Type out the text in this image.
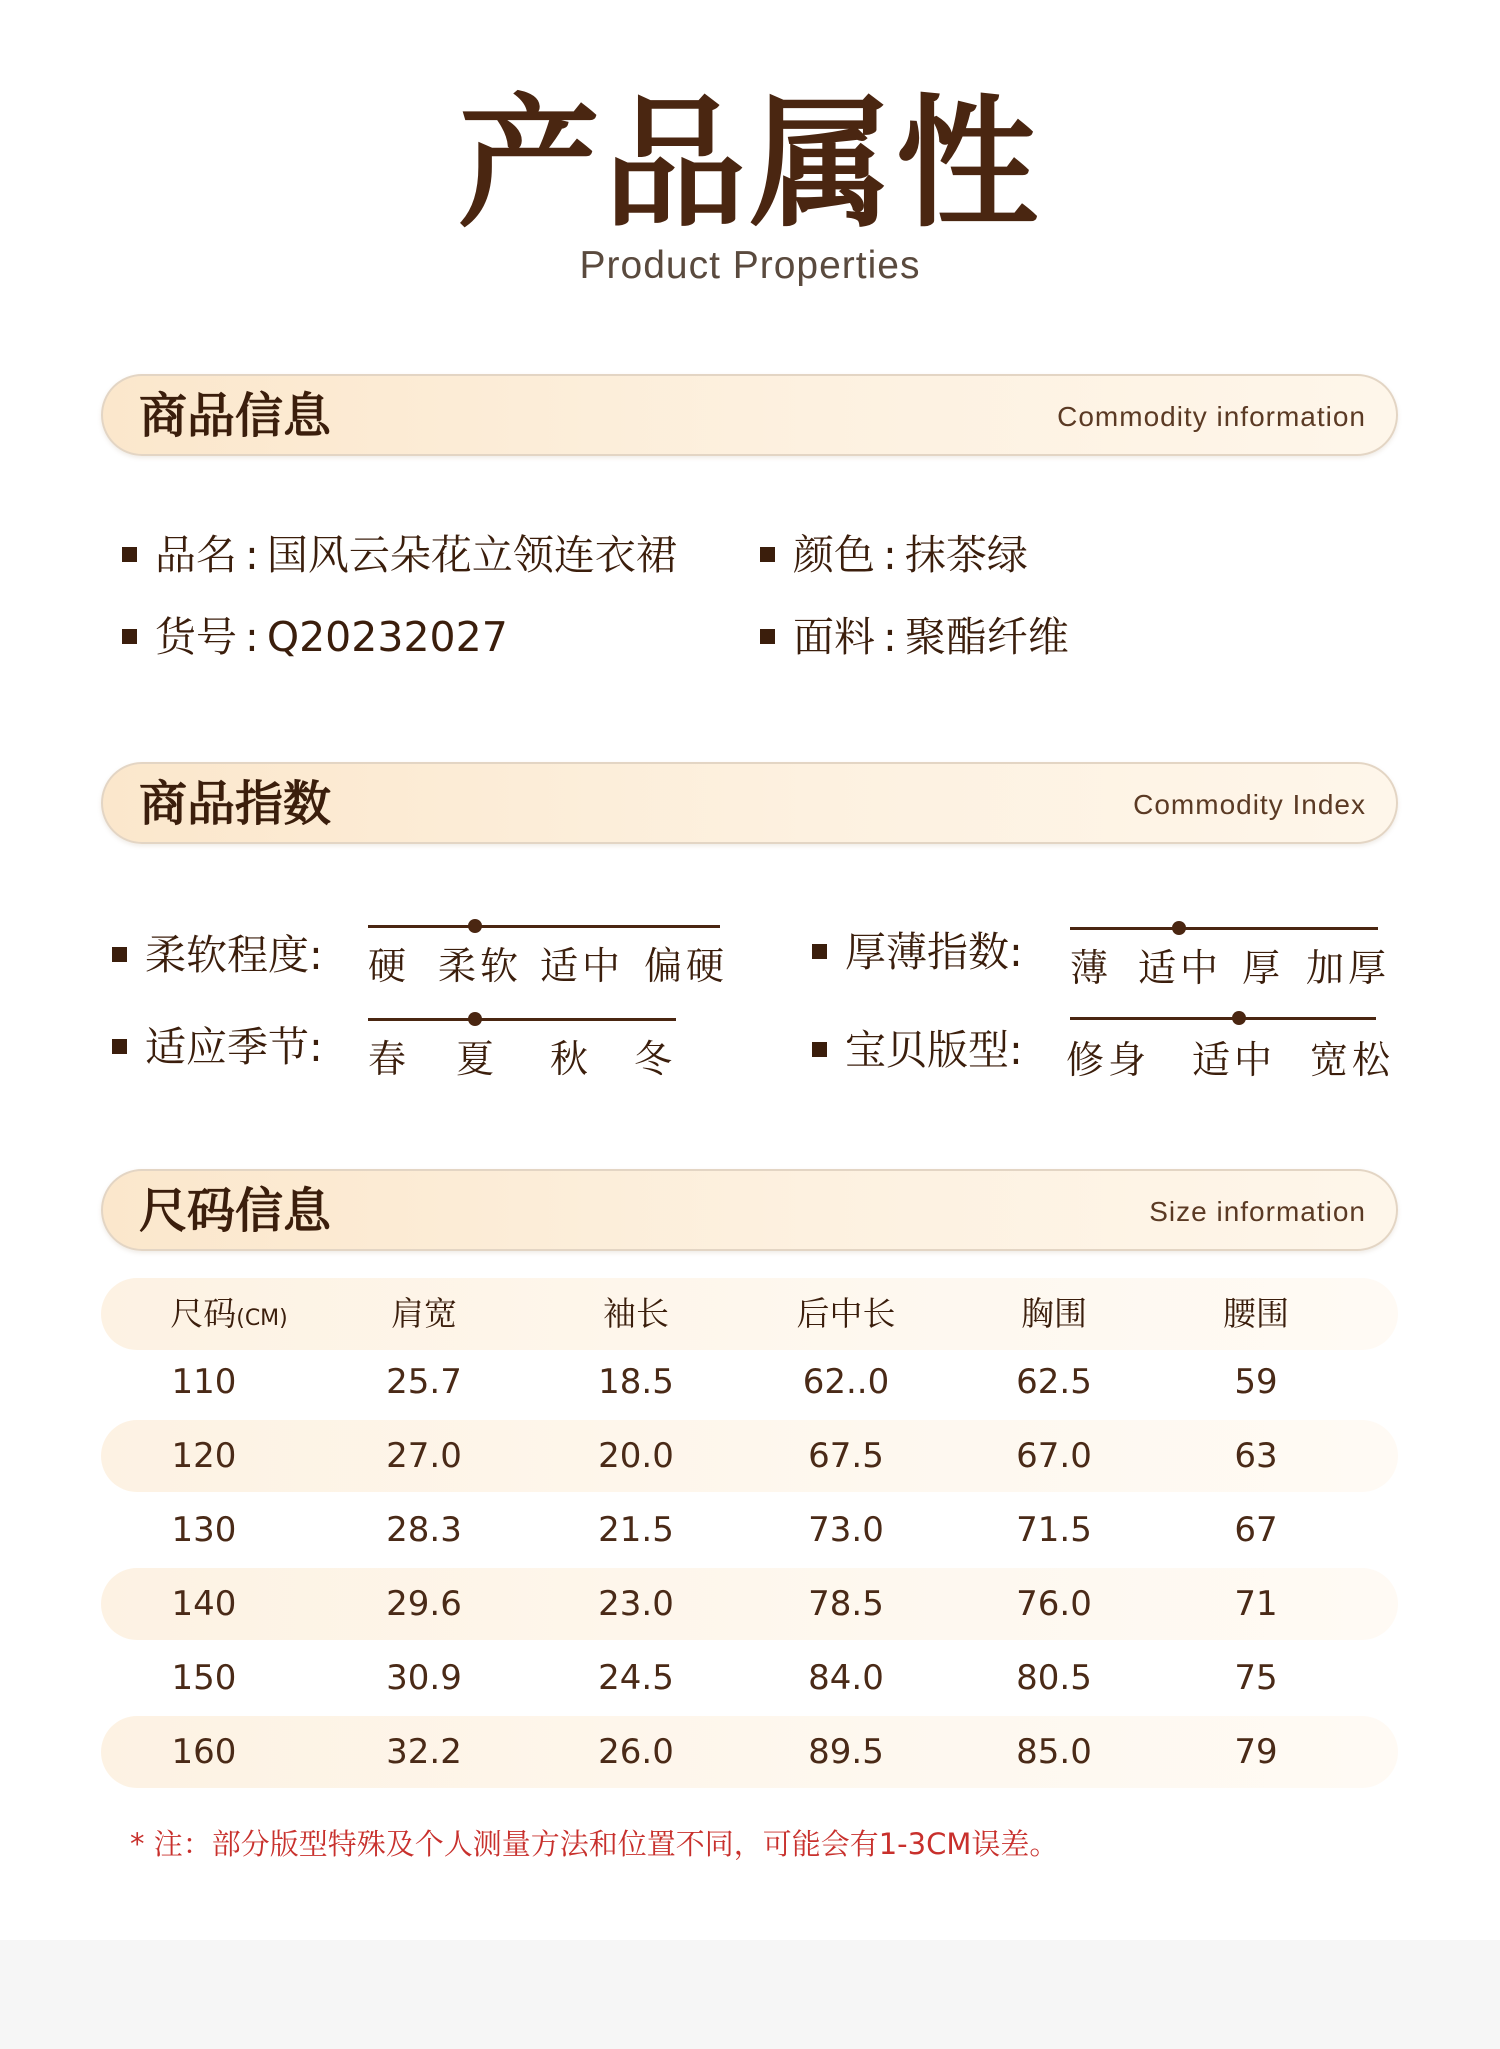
产品属性
Product Properties
商品信息	Commodity information
品名 : 国风云朵花立领连衣裙	颜色 : 抹茶绿
货号 : Q20232027	面料 : 聚酯纤维
商品指数	Commodity Index
柔软程度: 硬 柔软 适中 偏硬	厚薄指数: 薄 适中 厚 加厚
适应季节: 春 夏 秋 冬	宝贝版型: 修身 适中 宽松
尺码信息	Size information
尺码(CM)	肩宽	袖长	后中长	胸围	腰围
110	25.7	18.5	62..0	62.5	59
120	27.0	20.0	67.5	67.0	63
130	28.3	21.5	73.0	71.5	67
140	29.6	23.0	78.5	76.0	71
150	30.9	24.5	84.0	80.5	75
160	32.2	26.0	89.5	85.0	79
* 注：部分版型特殊及个人测量方法和位置不同，可能会有1-3CM误差。
